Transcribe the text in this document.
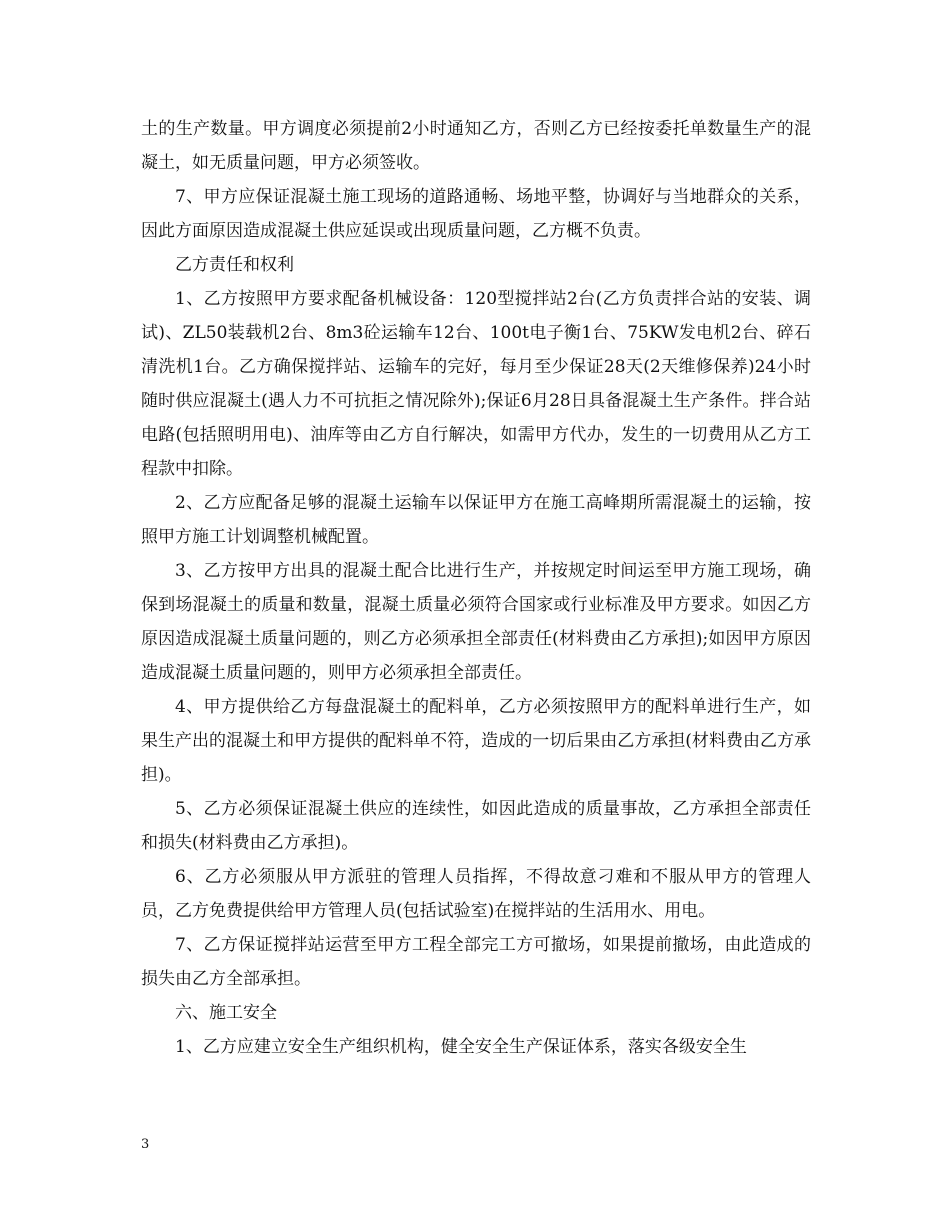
土的生产数量。甲方调度必须提前2小时通知乙方，否则乙方已经按委托单数量生产的混凝土，如无质量问题，甲方必须签收。

7、甲方应保证混凝土施工现场的道路通畅、场地平整，协调好与当地群众的关系，因此方面原因造成混凝土供应延误或出现质量问题，乙方概不负责。

乙方责任和权利

1、乙方按照甲方要求配备机械设备：120型搅拌站2台(乙方负责拌合站的安装、调试)、ZL50装载机2台、8m3砼运输车12台、100t电子衡1台、75KW发电机2台、碎石清洗机1台。乙方确保搅拌站、运输车的完好，每月至少保证28天(2天维修保养)24小时随时供应混凝土(遇人力不可抗拒之情况除外);保证6月28日具备混凝土生产条件。拌合站电路(包括照明用电)、油库等由乙方自行解决，如需甲方代办，发生的一切费用从乙方工程款中扣除。

2、乙方应配备足够的混凝土运输车以保证甲方在施工高峰期所需混凝土的运输，按照甲方施工计划调整机械配置。

3、乙方按甲方出具的混凝土配合比进行生产，并按规定时间运至甲方施工现场，确保到场混凝土的质量和数量，混凝土质量必须符合国家或行业标准及甲方要求。如因乙方原因造成混凝土质量问题的，则乙方必须承担全部责任(材料费由乙方承担);如因甲方原因造成混凝土质量问题的，则甲方必须承担全部责任。

4、甲方提供给乙方每盘混凝土的配料单，乙方必须按照甲方的配料单进行生产，如果生产出的混凝土和甲方提供的配料单不符，造成的一切后果由乙方承担(材料费由乙方承担)。

5、乙方必须保证混凝土供应的连续性，如因此造成的质量事故，乙方承担全部责任和损失(材料费由乙方承担)。

6、乙方必须服从甲方派驻的管理人员指挥，不得故意刁难和不服从甲方的管理人员，乙方免费提供给甲方管理人员(包括试验室)在搅拌站的生活用水、用电。

7、乙方保证搅拌站运营至甲方工程全部完工方可撤场，如果提前撤场，由此造成的损失由乙方全部承担。

六、施工安全

1、乙方应建立安全生产组织机构，健全安全生产保证体系，落实各级安全生

3
